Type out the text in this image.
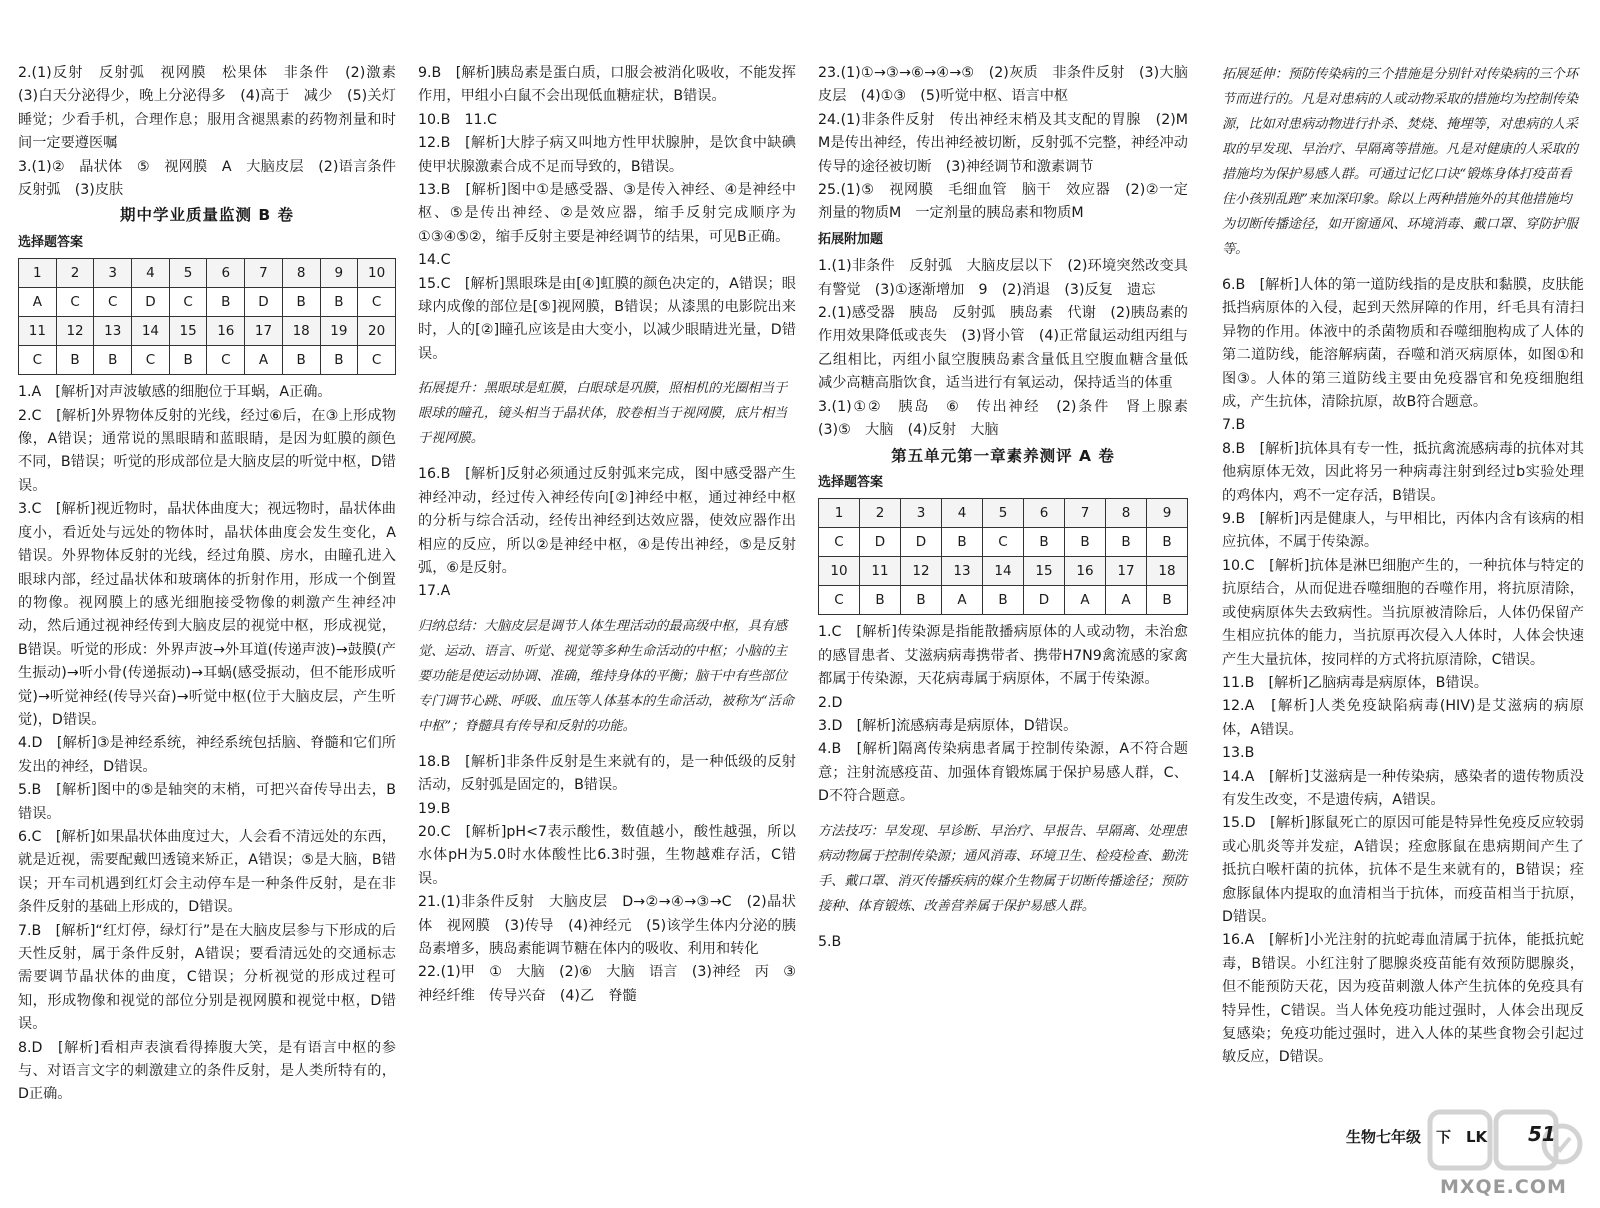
2.(1)反射　反射弧　视网膜　松果体　非条件　(2)激素　(3)白天分泌得少，晚上分泌得多　(4)高于　减少　(5)关灯睡觉；少看手机，合理作息；服用含褪黑素的药物剂量和时间一定要遵医嘱

3.(1)②　晶状体　⑤　视网膜　A　大脑皮层　(2)语言条件　反射弧　(3)皮肤

期中学业质量监测 B 卷
选择题答案
1	2	3	4	5	6	7	8	9	10
A	C	C	D	C	B	D	B	B	C
11	12	13	14	15	16	17	18	19	20
C	B	B	C	B	C	A	B	B	C

1.A　[解析]对声波敏感的细胞位于耳蜗，A正确。

2.C　[解析]外界物体反射的光线，经过⑥后，在③上形成物像，A错误；通常说的黑眼睛和蓝眼睛，是因为虹膜的颜色不同，B错误；听觉的形成部位是大脑皮层的听觉中枢，D错误。

3.C　[解析]视近物时，晶状体曲度大；视远物时，晶状体曲度小，看近处与远处的物体时，晶状体曲度会发生变化，A错误。外界物体反射的光线，经过角膜、房水，由瞳孔进入眼球内部，经过晶状体和玻璃体的折射作用，形成一个倒置的物像。视网膜上的感光细胞接受物像的刺激产生神经冲动，然后通过视神经传到大脑皮层的视觉中枢，形成视觉，B错误。听觉的形成：外界声波→外耳道(传递声波)→鼓膜(产生振动)→听小骨(传递振动)→耳蜗(感受振动，但不能形成听觉)→听觉神经(传导兴奋)→听觉中枢(位于大脑皮层，产生听觉)，D错误。

4.D　[解析]③是神经系统，神经系统包括脑、脊髓和它们所发出的神经，D错误。

5.B　[解析]图中的⑤是轴突的末梢，可把兴奋传导出去，B错误。

6.C　[解析]如果晶状体曲度过大，人会看不清远处的东西，就是近视，需要配戴凹透镜来矫正，A错误；⑤是大脑，B错误；开车司机遇到红灯会主动停车是一种条件反射，是在非条件反射的基础上形成的，D错误。

7.B　[解析]“红灯停，绿灯行”是在大脑皮层参与下形成的后天性反射，属于条件反射，A错误；要看清远处的交通标志需要调节晶状体的曲度，C错误；分析视觉的形成过程可知，形成物像和视觉的部位分别是视网膜和视觉中枢，D错误。

8.D　[解析]看相声表演看得捧腹大笑，是有语言中枢的参与、对语言文字的刺激建立的条件反射，是人类所特有的，D正确。

9.B　[解析]胰岛素是蛋白质，口服会被消化吸收，不能发挥作用，甲组小白鼠不会出现低血糖症状，B错误。

10.B　11.C

12.B　[解析]大脖子病又叫地方性甲状腺肿，是饮食中缺碘使甲状腺激素合成不足而导致的，B错误。

13.B　[解析]图中①是感受器、③是传入神经、④是神经中枢、⑤是传出神经、②是效应器，缩手反射完成顺序为①③④⑤②，缩手反射主要是神经调节的结果，可见B正确。

14.C

15.C　[解析]黑眼珠是由[④]虹膜的颜色决定的，A错误；眼球内成像的部位是[⑤]视网膜，B错误；从漆黑的电影院出来时，人的[②]瞳孔应该是由大变小，以减少眼睛进光量，D错误。

拓展提升：黑眼球是虹膜，白眼球是巩膜，照相机的光圈相当于眼球的瞳孔，镜头相当于晶状体，胶卷相当于视网膜，底片相当于视网膜。

16.B　[解析]反射必须通过反射弧来完成，图中感受器产生神经冲动，经过传入神经传向[②]神经中枢，通过神经中枢的分析与综合活动，经传出神经到达效应器，使效应器作出相应的反应，所以②是神经中枢，④是传出神经，⑤是反射弧，⑥是反射。

17.A

归纳总结：大脑皮层是调节人体生理活动的最高级中枢，具有感觉、运动、语言、听觉、视觉等多种生命活动的中枢；小脑的主要功能是使运动协调、准确，维持身体的平衡；脑干中有些部位专门调节心跳、呼吸、血压等人体基本的生命活动，被称为“活命中枢”；脊髓具有传导和反射的功能。

18.B　[解析]非条件反射是生来就有的，是一种低级的反射活动，反射弧是固定的，B错误。

19.B

20.C　[解析]pH<7表示酸性，数值越小，酸性越强，所以水体pH为5.0时水体酸性比6.3时强，生物越难存活，C错误。

21.(1)非条件反射　大脑皮层　D→②→④→③→C　(2)晶状体　视网膜　(3)传导　(4)神经元　(5)该学生体内分泌的胰岛素增多，胰岛素能调节糖在体内的吸收、利用和转化

22.(1)甲　①　大脑　(2)⑥　大脑　语言　(3)神经　丙　③　神经纤维　传导兴奋　(4)乙　脊髓

23.(1)①→③→⑥→④→⑤　(2)灰质　非条件反射　(3)大脑皮层　(4)①③　(5)听觉中枢、语言中枢

24.(1)非条件反射　传出神经末梢及其支配的胃腺　(2)M　M是传出神经，传出神经被切断，反射弧不完整，神经冲动传导的途径被切断　(3)神经调节和激素调节

25.(1)⑤　视网膜　毛细血管　脑干　效应器　(2)②一定剂量的物质M　一定剂量的胰岛素和物质M

拓展附加题

1.(1)非条件　反射弧　大脑皮层以下　(2)环境突然改变具有警觉　(3)①逐渐增加　9　(2)消退　(3)反复　遗忘

2.(1)感受器　胰岛　反射弧　胰岛素　代谢　(2)胰岛素的作用效果降低或丧失　(3)肾小管　(4)正常鼠运动组丙组与乙组相比，丙组小鼠空腹胰岛素含量低且空腹血糖含量低　减少高糖高脂饮食，适当进行有氧运动，保持适当的体重

3.(1)①②　胰岛　⑥　传出神经　(2)条件　肾上腺素　(3)⑤　大脑　(4)反射　大脑

第五单元第一章素养测评 A 卷
选择题答案
1	2	3	4	5	6	7	8	9
C	D	D	B	C	B	B	B	B
10	11	12	13	14	15	16	17	18
C	B	B	A	B	D	A	A	B

1.C　[解析]传染源是指能散播病原体的人或动物，未治愈的感冒患者、艾滋病病毒携带者、携带H7N9禽流感的家禽都属于传染源，天花病毒属于病原体，不属于传染源。

2.D

3.D　[解析]流感病毒是病原体，D错误。

4.B　[解析]隔离传染病患者属于控制传染源，A不符合题意；注射流感疫苗、加强体育锻炼属于保护易感人群，C、D不符合题意。

方法技巧：早发现、早诊断、早治疗、早报告、早隔离、处理患病动物属于控制传染源；通风消毒、环境卫生、检疫检查、勤洗手、戴口罩、消灭传播疾病的媒介生物属于切断传播途径；预防接种、体育锻炼、改善营养属于保护易感人群。

5.B

拓展延伸：预防传染病的三个措施是分别针对传染病的三个环节而进行的。凡是对患病的人或动物采取的措施均为控制传染源，比如对患病动物进行扑杀、焚烧、掩埋等，对患病的人采取的早发现、早治疗、早隔离等措施。凡是对健康的人采取的措施均为保护易感人群。可通过记忆口诀“锻炼身体打疫苗看住小孩别乱跑”来加深印象。除以上两种措施外的其他措施均为切断传播途径，如开窗通风、环境消毒、戴口罩、穿防护服等。

6.B　[解析]人体的第一道防线指的是皮肤和黏膜，皮肤能抵挡病原体的入侵，起到天然屏障的作用，纤毛具有清扫异物的作用。体液中的杀菌物质和吞噬细胞构成了人体的第二道防线，能溶解病菌，吞噬和消灭病原体，如图①和图③。人体的第三道防线主要由免疫器官和免疫细胞组成，产生抗体，清除抗原，故B符合题意。

7.B

8.B　[解析]抗体具有专一性，抵抗禽流感病毒的抗体对其他病原体无效，因此将另一种病毒注射到经过b实验处理的鸡体内，鸡不一定存活，B错误。

9.B　[解析]丙是健康人，与甲相比，丙体内含有该病的相应抗体，不属于传染源。

10.C　[解析]抗体是淋巴细胞产生的，一种抗体与特定的抗原结合，从而促进吞噬细胞的吞噬作用，将抗原清除，或使病原体失去致病性。当抗原被清除后，人体仍保留产生相应抗体的能力，当抗原再次侵入人体时，人体会快速产生大量抗体，按同样的方式将抗原清除，C错误。

11.B　[解析]乙脑病毒是病原体，B错误。

12.A　[解析]人类免疫缺陷病毒(HIV)是艾滋病的病原体，A错误。

13.B

14.A　[解析]艾滋病是一种传染病，感染者的遗传物质没有发生改变，不是遗传病，A错误。

15.D　[解析]豚鼠死亡的原因可能是特异性免疫反应较弱或心肌炎等并发症，A错误；痊愈豚鼠在患病期间产生了抵抗白喉杆菌的抗体，抗体不是生来就有的，B错误；痊愈豚鼠体内提取的血清相当于抗体，而疫苗相当于抗原，D错误。

16.A　[解析]小光注射的抗蛇毒血清属于抗体，能抵抗蛇毒，B错误。小红注射了腮腺炎疫苗能有效预防腮腺炎，但不能预防天花，因为疫苗刺激人体产生抗体的免疫具有特异性，C错误。当人体免疫功能过强时，人体会出现反复感染；免疫功能过强时，进入人体的某些食物会引起过敏反应，D错误。

MXQE.COM
生物七年级　下　LK 51
